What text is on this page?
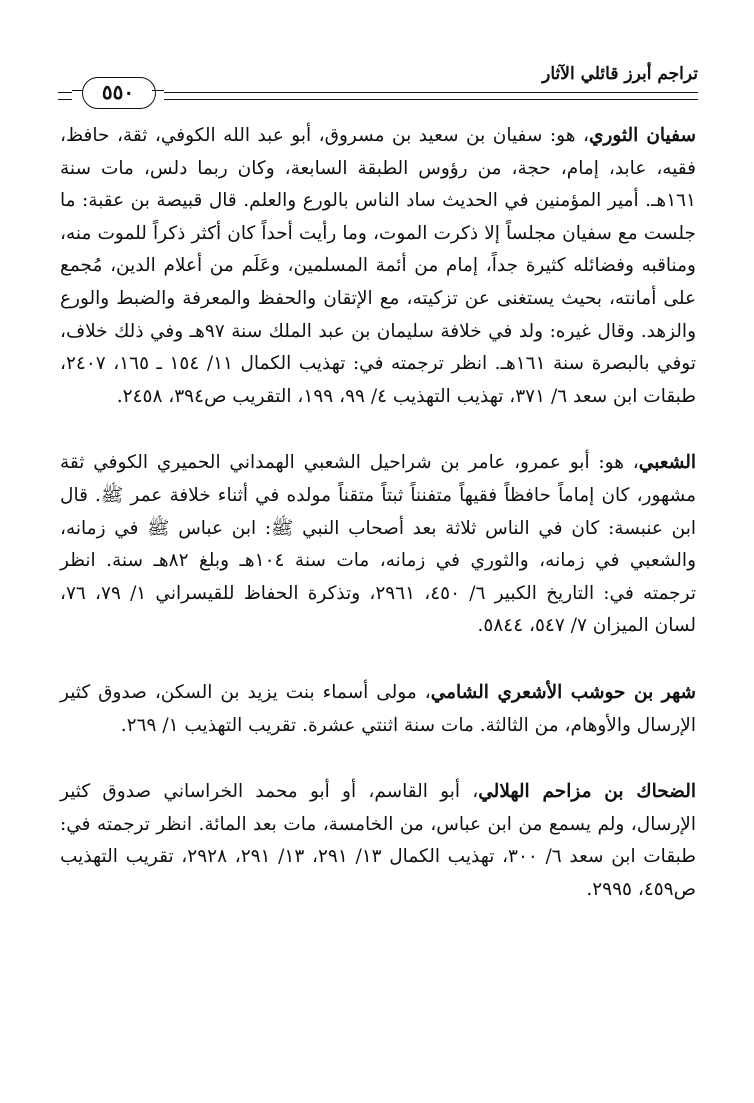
تراجم أبرز قائلي الآثار
٥٥٠

سفيان الثوري، هو: سفيان بن سعيد بن مسروق، أبو عبد الله الكوفي، ثقة، حافظ، فقيه، عابد، إمام، حجة، من رؤوس الطبقة السابعة، وكان ربما دلس، مات سنة ١٦١هـ. أمير المؤمنين في الحديث ساد الناس بالورع والعلم. قال قبيصة بن عقبة: ما جلست مع سفيان مجلساً إلا ذكرت الموت، وما رأيت أحداً كان أكثر ذكراً للموت منه، ومناقبه وفضائله كثيرة جداً، إمام من أئمة المسلمين، وعَلَم من أعلام الدين، مُجمع على أمانته، بحيث يستغنى عن تزكيته، مع الإتقان والحفظ والمعرفة والضبط والورع والزهد. وقال غيره: ولد في خلافة سليمان بن عبد الملك سنة ٩٧هـ وفي ذلك خلاف، توفي بالبصرة سنة ١٦١هـ. انظر ترجمته في: تهذيب الكمال ١١/ ١٥٤ ـ ١٦٥، ٢٤٠٧، طبقات ابن سعد ٦/ ٣٧١، تهذيب التهذيب ٤/ ٩٩، ١٩٩، التقريب ص٣٩٤، ٢٤٥٨.

الشعبي، هو: أبو عمرو، عامر بن شراحيل الشعبي الهمداني الحميري الكوفي ثقة مشهور، كان إماماً حافظاً فقيهاً متفنناً ثبتاً متقناً مولده في أثناء خلافة عمر ﷺ. قال ابن عنبسة: كان في الناس ثلاثة بعد أصحاب النبي ﷺ: ابن عباس ﷺ في زمانه، والشعبي في زمانه، والثوري في زمانه، مات سنة ١٠٤هـ وبلغ ٨٢هـ سنة. انظر ترجمته في: التاريخ الكبير ٦/ ٤٥٠، ٢٩٦١، وتذكرة الحفاظ للقيسراني ١/ ٧٩، ٧٦، لسان الميزان ٧/ ٥٤٧، ٥٨٤٤.

شهر بن حوشب الأشعري الشامي، مولى أسماء بنت يزيد بن السكن، صدوق كثير الإرسال والأوهام، من الثالثة. مات سنة اثنتي عشرة. تقريب التهذيب ١/ ٢٦٩.

الضحاك بن مزاحم الهلالي، أبو القاسم، أو أبو محمد الخراساني صدوق كثير الإرسال، ولم يسمع من ابن عباس، من الخامسة، مات بعد المائة. انظر ترجمته في: طبقات ابن سعد ٦/ ٣٠٠، تهذيب الكمال ١٣/ ٢٩١، ١٣/ ٢٩١، ٢٩٢٨، تقريب التهذيب ص٤٥٩، ٢٩٩٥.
